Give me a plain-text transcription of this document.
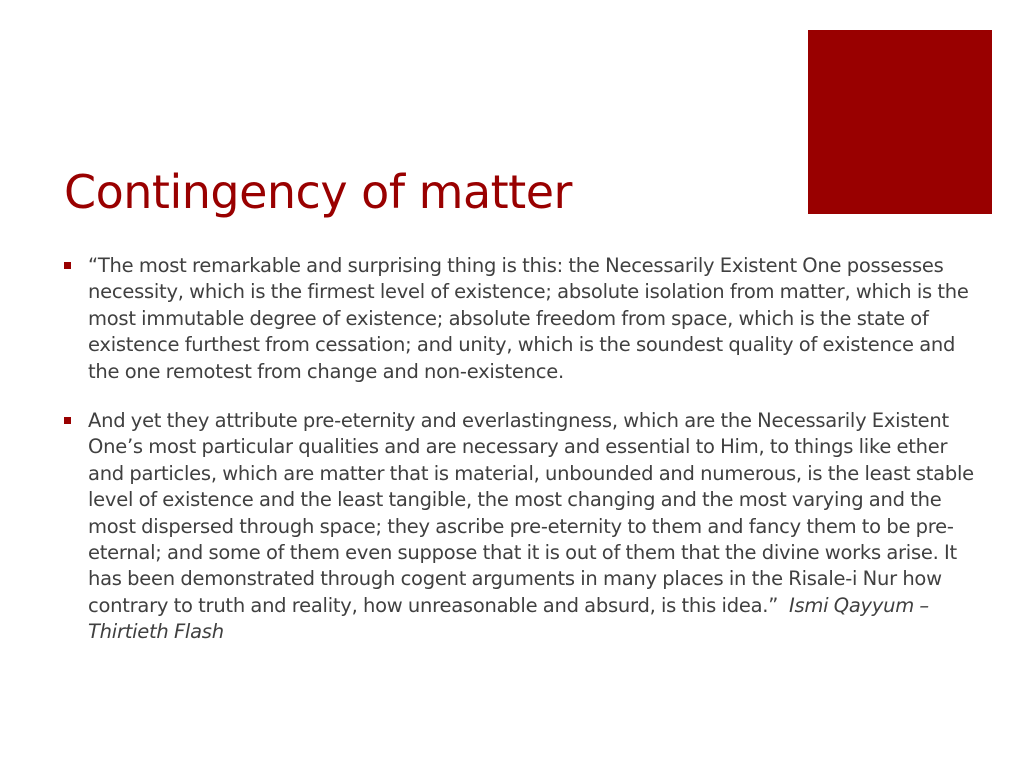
Contingency of matter
“The most remarkable and surprising thing is this: the Necessarily Existent One possesses necessity, which is the firmest level of existence; absolute isolation from matter, which is the most immutable degree of existence; absolute freedom from space, which is the state of existence furthest from cessation; and unity, which is the soundest quality of existence and the one remotest from change and non-existence.
And yet they attribute pre-eternity and everlastingness, which are the Necessarily Existent One’s most particular qualities and are necessary and essential to Him, to things like ether and particles, which are matter that is material, unbounded and numerous, is the least stable level of existence and the least tangible, the most changing and the most varying and the most dispersed through space; they ascribe pre-eternity to them and fancy them to be pre-eternal; and some of them even suppose that it is out of them that the divine works arise. It has been demonstrated through cogent arguments in many places in the Risale-i Nur how contrary to truth and reality, how unreasonable and absurd, is this idea.” Ismi Qayyum – Thirtieth Flash
